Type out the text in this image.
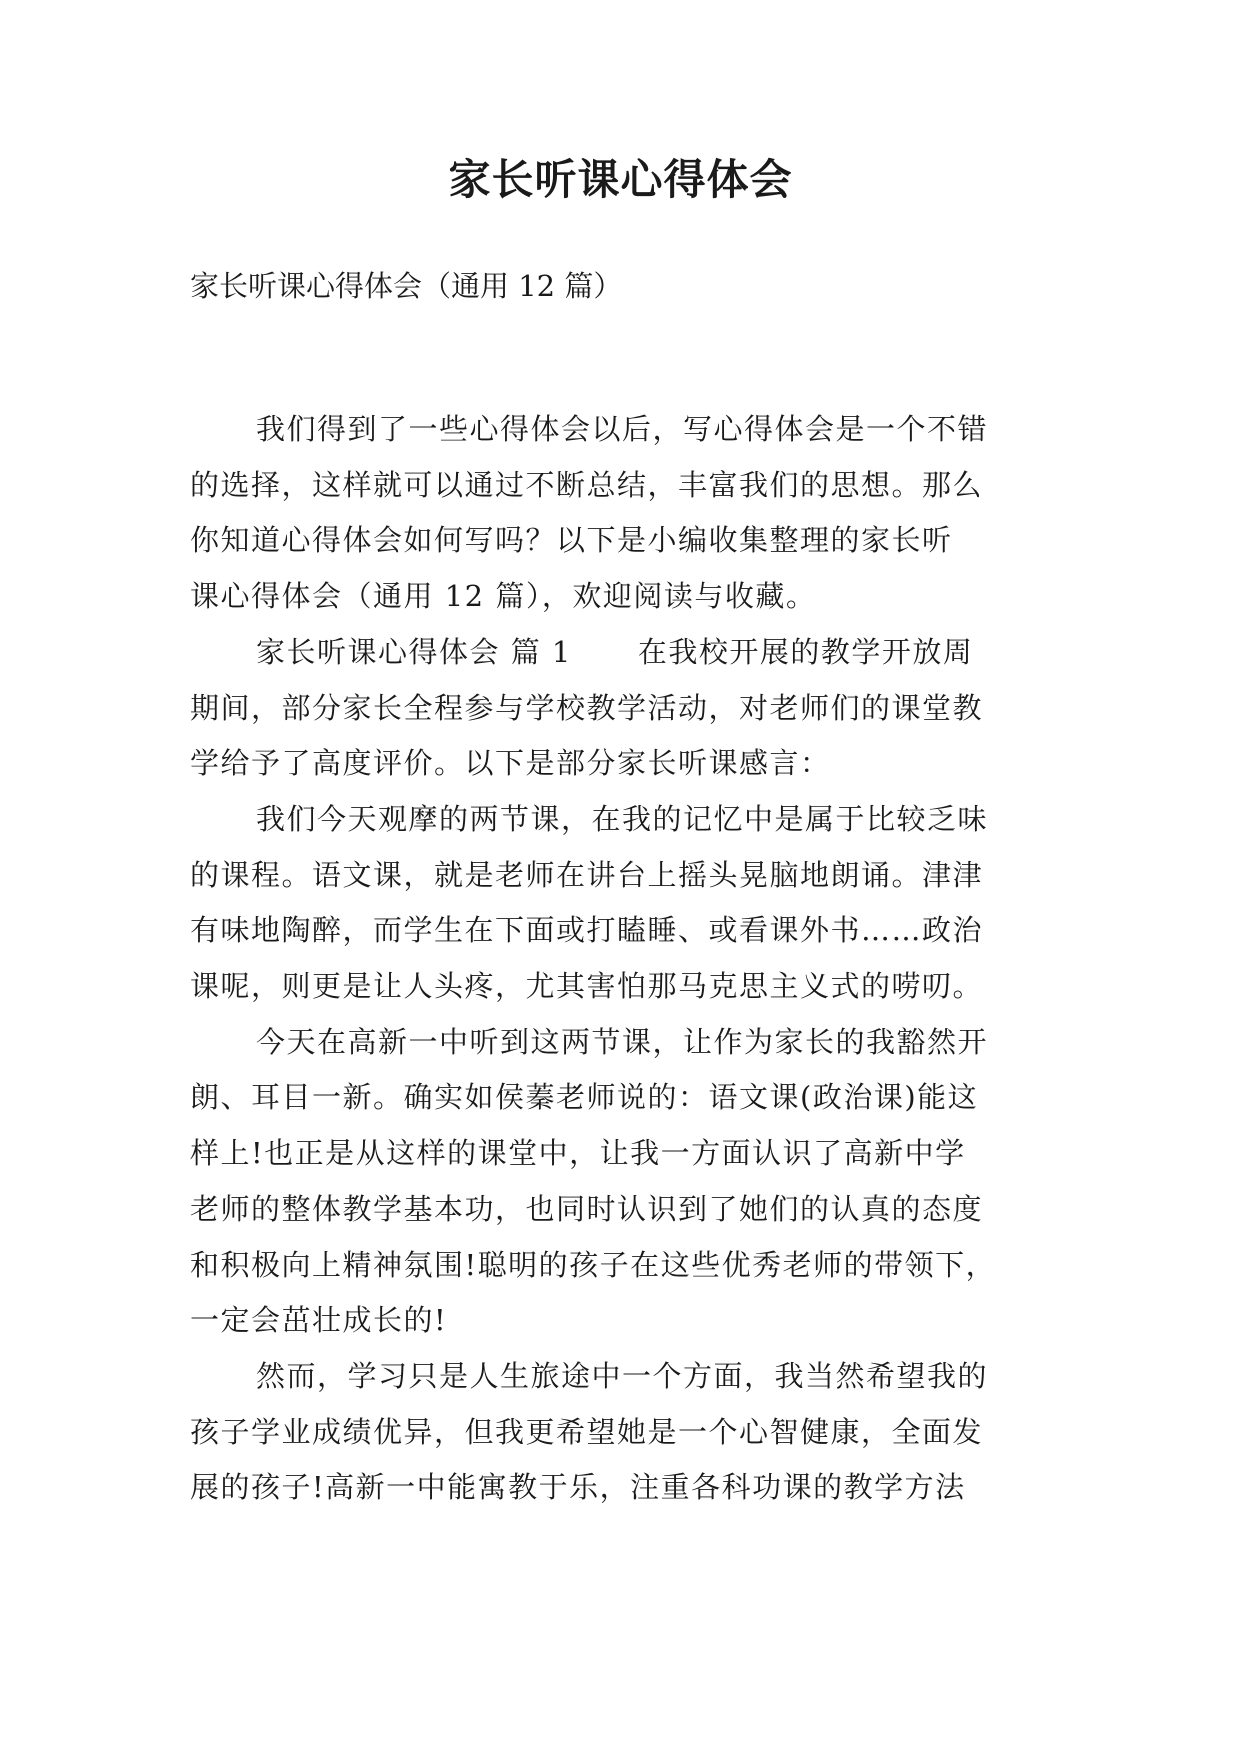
家长听课心得体会

家长听课心得体会（通用 12 篇）

我们得到了一些心得体会以后，写心得体会是一个不错
的选择，这样就可以通过不断总结，丰富我们的思想。那么
你知道心得体会如何写吗？以下是小编收集整理的家长听
课心得体会（通用 12 篇），欢迎阅读与收藏。

家长听课心得体会 篇 1 在我校开展的教学开放周
期间，部分家长全程参与学校教学活动，对老师们的课堂教
学给予了高度评价。以下是部分家长听课感言：

我们今天观摩的两节课，在我的记忆中是属于比较乏味
的课程。语文课，就是老师在讲台上摇头晃脑地朗诵。津津
有味地陶醉，而学生在下面或打瞌睡、或看课外书……政治
课呢，则更是让人头疼，尤其害怕那马克思主义式的唠叨。

今天在高新一中听到这两节课，让作为家长的我豁然开
朗、耳目一新。确实如侯蓁老师说的：语文课(政治课)能这
样上!也正是从这样的课堂中，让我一方面认识了高新中学
老师的整体教学基本功，也同时认识到了她们的认真的态度
和积极向上精神氛围!聪明的孩子在这些优秀老师的带领下，
一定会茁壮成长的!

然而，学习只是人生旅途中一个方面，我当然希望我的
孩子学业成绩优异，但我更希望她是一个心智健康，全面发
展的孩子!高新一中能寓教于乐，注重各科功课的教学方法
